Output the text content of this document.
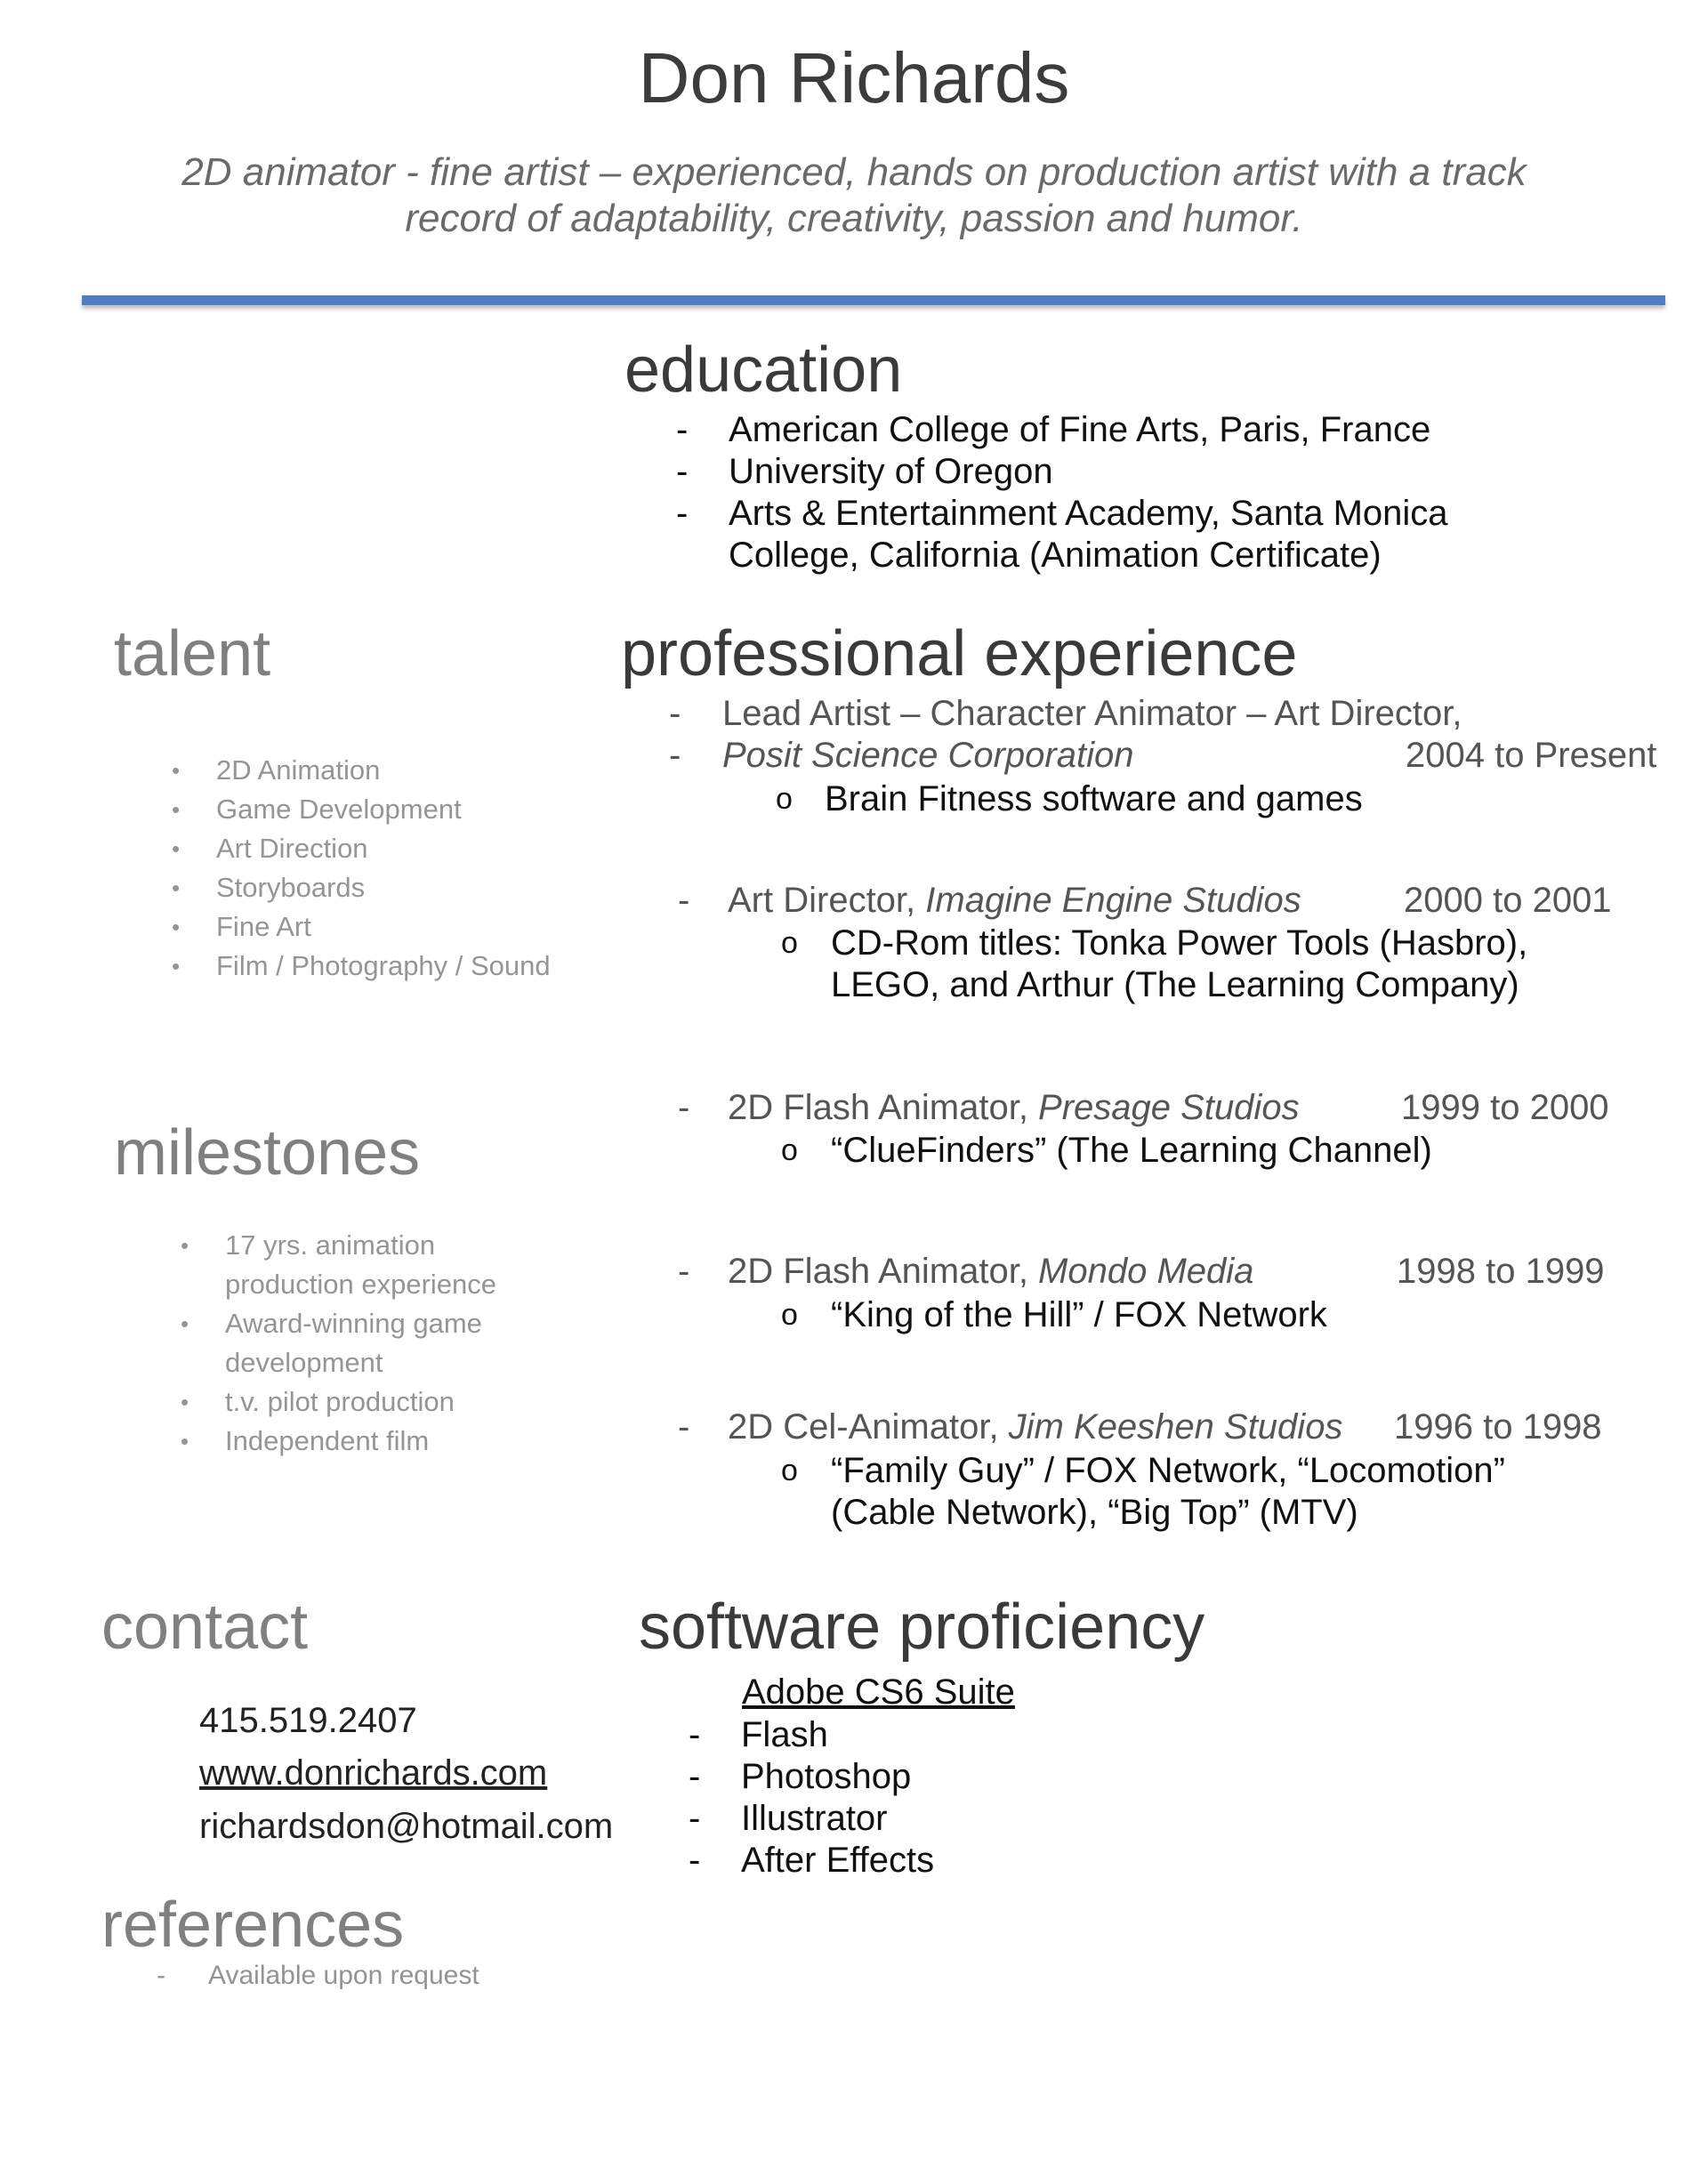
Don Richards
2D animator - fine artist – experienced, hands on production artist with a track
record of adaptability, creativity, passion and humor.
education
- American College of Fine Arts, Paris, France
- University of Oregon
- Arts & Entertainment Academy, Santa Monica
College, California (Animation Certificate)
talent
• 2D Animation
• Game Development
• Art Direction
• Storyboards
• Fine Art
• Film / Photography / Sound
professional experience
- Lead Artist – Character Animator – Art Director,
- Posit Science Corporation	2004 to Present
o Brain Fitness software and games
- Art Director, Imagine Engine Studios	2000 to 2001
o CD-Rom titles: Tonka Power Tools (Hasbro),
LEGO, and Arthur (The Learning Company)
- 2D Flash Animator, Presage Studios	1999 to 2000
o “ClueFinders” (The Learning Channel)
- 2D Flash Animator, Mondo Media	1998 to 1999
o “King of the Hill” / FOX Network
- 2D Cel-Animator, Jim Keeshen Studios 1996 to 1998
o “Family Guy” / FOX Network, “Locomotion”
(Cable Network), “Big Top” (MTV)
milestones
• 17 yrs. animation
production experience
• Award-winning game
development
• t.v. pilot production
• Independent film
contact
415.519.2407
www.donrichards.com
richardsdon@hotmail.com
software proficiency
Adobe CS6 Suite
- Flash
- Photoshop
- Illustrator
- After Effects
references
- Available upon request
